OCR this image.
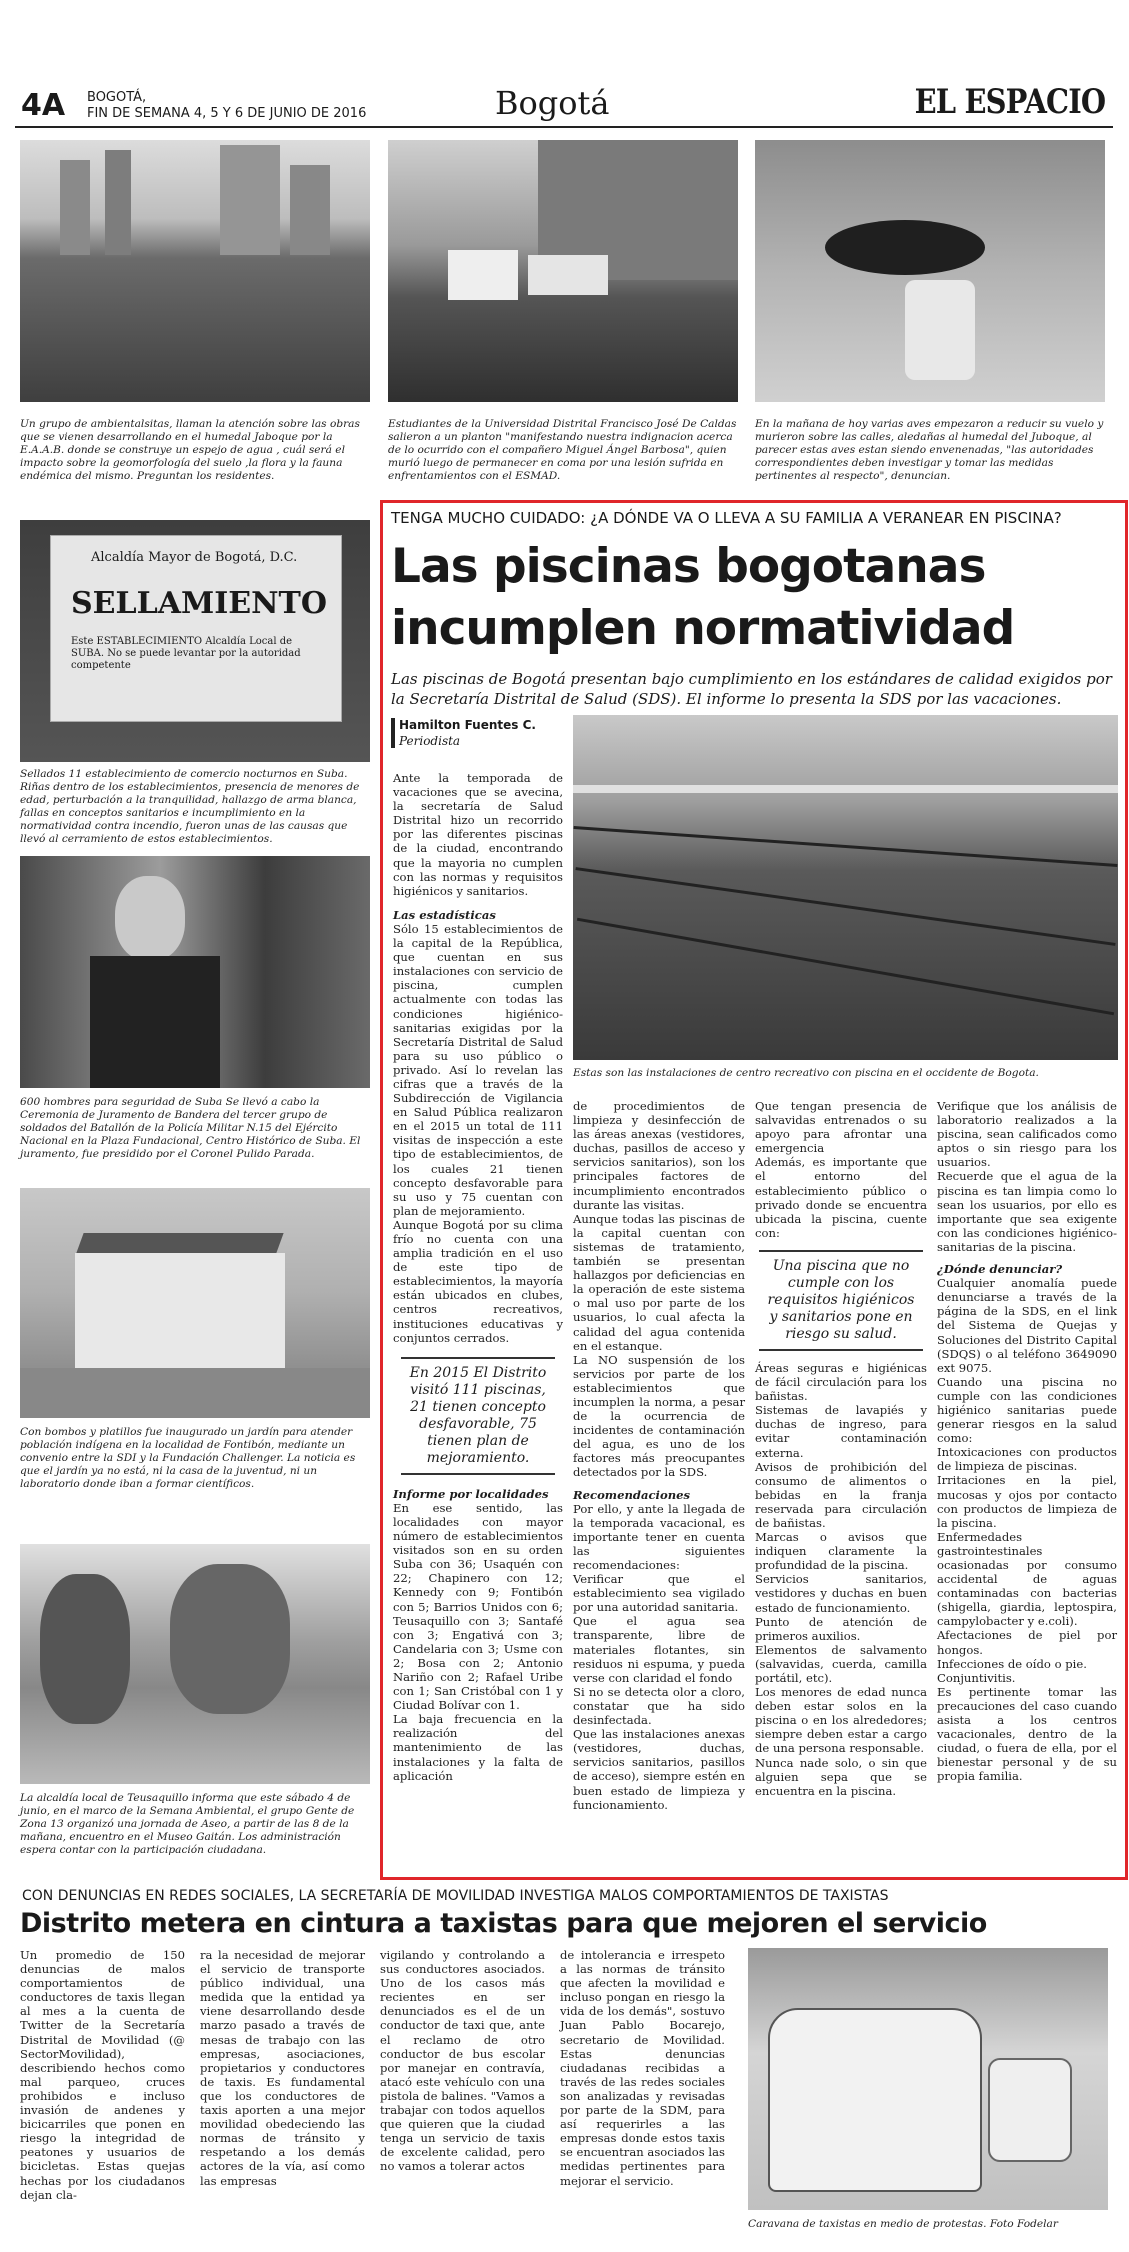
4A BOGOTÁ,
FIN DE SEMANA 4, 5 Y 6 DE JUNIO DE 2016	Bogotá	EL ESPACIO

Un grupo de ambientalsitas, llaman la atención sobre las obras que se vienen desarrollando en el humedal Jaboque por la E.A.A.B. donde se construye un espejo de agua , cuál será el impacto sobre la geomorfología del suelo ,la flora y la fauna endémica del mismo. Preguntan los residentes.

Estudiantes de la Universidad Distrital Francisco José De Caldas salieron a un planton "manifestando nuestra indignacion acerca de lo ocurrido con el compañero Miguel Ángel Barbosa", quien murió luego de permanecer en coma por una lesión sufrida en enfrentamientos con el ESMAD.

En la mañana de hoy varias aves empezaron a reducir su vuelo y murieron sobre las calles, aledañas al humedal del Juboque, al parecer estas aves estan siendo envenenadas, "las autoridades correspondientes deben investigar y tomar las medidas pertinentes al respecto", denuncian.

Alcaldía Mayor de Bogotá, D.C.
SELLAMIENTO
Este ESTABLECIMIENTO Alcaldía Local de SUBA. No se puede levantar por la autoridad competente

Sellados 11 establecimiento de comercio nocturnos en Suba. Riñas dentro de los establecimientos, presencia de menores de edad, perturbación a la tranquilidad, hallazgo de arma blanca, fallas en conceptos sanitarios e incumplimiento en la normatividad contra incendio, fueron unas de las causas que llevó al cerramiento de estos establecimientos.

600 hombres para seguridad de Suba Se llevó a cabo la Ceremonia de Juramento de Bandera del tercer grupo de soldados del Batallón de la Policía Militar N.15 del Ejército Nacional en la Plaza Fundacional, Centro Histórico de Suba. El juramento, fue presidido por el Coronel Pulido Parada.

Con bombos y platillos fue inaugurado un jardín para atender población indígena en la localidad de Fontibón, mediante un convenio entre la SDI y la Fundación Challenger. La noticia es que el jardín ya no está, ni la casa de la juventud, ni un laboratorio donde iban a formar científicos.

La alcaldía local de Teusaquillo informa que este sábado 4 de junio, en el marco de la Semana Ambiental, el grupo Gente de Zona 13 organizó una jornada de Aseo, a partir de las 8 de la mañana, encuentro en el Museo Gaitán. Los administración espera contar con la participación ciudadana.

TENGA MUCHO CUIDADO: ¿A DÓNDE VA O LLEVA A SU FAMILIA A VERANEAR EN PISCINA?
Las piscinas bogotanas
incumplen normatividad
Las piscinas de Bogotá presentan bajo cumplimiento en los estándares de calidad exigidos por la Secretaría Distrital de Salud (SDS). El informe lo presenta la SDS por las vacaciones.
Hamilton Fuentes C.
Periodista

Estas son las instalaciones de centro recreativo con piscina en el occidente de Bogota.

Ante la temporada de vacaciones que se avecina, la secretaría de Salud Distrital hizo un recorrido por las diferentes piscinas de la ciudad, encontrando que la mayoria no cumplen con las normas y requisitos higiénicos y sanitarios.

Las estadísticas

Sólo 15 establecimientos de la capital de la República, que cuentan en sus instalaciones con servicio de piscina, cumplen actualmente con todas las condiciones higiénico-sanitarias exigidas por la Secretaría Distrital de Salud para su uso público o privado. Así lo revelan las cifras que a través de la Subdirección de Vigilancia en Salud Pública realizaron en el 2015 un total de 111 visitas de inspección a este tipo de establecimientos, de los cuales 21 tienen concepto desfavorable para su uso y 75 cuentan con plan de mejoramiento.

Aunque Bogotá por su clima frío no cuenta con una amplia tradición en el uso de este tipo de establecimientos, la mayoría están ubicados en clubes, centros recreativos, instituciones educativas y conjuntos cerrados.

En 2015 El Distrito visitó 111 piscinas, 21 tienen concepto desfavorable, 75 tienen plan de mejoramiento.

Informe por localidades

En ese sentido, las localidades con mayor número de establecimientos visitados son en su orden Suba con 36; Usaquén con 22; Chapinero con 12; Kennedy con 9; Fontibón con 5; Barrios Unidos con 6; Teusaquillo con 3; Santafé con 3; Engativá con 3; Candelaria con 3; Usme con 2; Bosa con 2; Antonio Nariño con 2; Rafael Uribe con 1; San Cristóbal con 1 y Ciudad Bolívar con 1.

La baja frecuencia en la realización del mantenimiento de las instalaciones y la falta de aplicación

de procedimientos de limpieza y desinfección de las áreas anexas (vestidores, duchas, pasillos de acceso y servicios sanitarios), son los principales factores de incumplimiento encontrados durante las visitas.

Aunque todas las piscinas de la capital cuentan con sistemas de tratamiento, también se presentan hallazgos por deficiencias en la operación de este sistema o mal uso por parte de los usuarios, lo cual afecta la calidad del agua contenida en el estanque.

La NO suspensión de los servicios por parte de los establecimientos que incumplen la norma, a pesar de la ocurrencia de incidentes de contaminación del agua, es uno de los factores más preocupantes detectados por la SDS.

Recomendaciones

Por ello, y ante la llegada de la temporada vacacional, es importante tener en cuenta las siguientes recomendaciones:

Verificar que el establecimiento sea vigilado por una autoridad sanitaria.

Que el agua sea transparente, libre de materiales flotantes, sin residuos ni espuma, y pueda verse con claridad el fondo

Si no se detecta olor a cloro, constatar que ha sido desinfectada.

Que las instalaciones anexas (vestidores, duchas, servicios sanitarios, pasillos de acceso), siempre estén en buen estado de limpieza y funcionamiento.

Que tengan presencia de salvavidas entrenados o su apoyo para afrontar una emergencia

Además, es importante que el entorno del establecimiento público o privado donde se encuentra ubicada la piscina, cuente con:

Una piscina que no cumple con los requisitos higiénicos y sanitarios pone en riesgo su salud.

Áreas seguras e higiénicas de fácil circulación para los bañistas.

Sistemas de lavapiés y duchas de ingreso, para evitar contaminación externa.

Avisos de prohibición del consumo de alimentos o bebidas en la franja reservada para circulación de bañistas.

Marcas o avisos que indiquen claramente la profundidad de la piscina.

Servicios sanitarios, vestidores y duchas en buen estado de funcionamiento.

Punto de atención de primeros auxilios.

Elementos de salvamento (salvavidas, cuerda, camilla portátil, etc).

Los menores de edad nunca deben estar solos en la piscina o en los alrededores; siempre deben estar a cargo de una persona responsable.

Nunca nade solo, o sin que alguien sepa que se encuentra en la piscina.

Verifique que los análisis de laboratorio realizados a la piscina, sean calificados como aptos o sin riesgo para los usuarios.

Recuerde que el agua de la piscina es tan limpia como lo sean los usuarios, por ello es importante que sea exigente con las condiciones higiénico-sanitarias de la piscina.

¿Dónde denunciar?

Cualquier anomalía puede denunciarse a través de la página de la SDS, en el link del Sistema de Quejas y Soluciones del Distrito Capital (SDQS) o al teléfono 3649090 ext 9075.

Cuando una piscina no cumple con las condiciones higiénico sanitarias puede generar riesgos en la salud como:

Intoxicaciones con productos de limpieza de piscinas.

Irritaciones en la piel, mucosas y ojos por contacto con productos de limpieza de la piscina.

Enfermedades gastrointestinales ocasionadas por consumo accidental de aguas contaminadas con bacterias (shigella, giardia, leptospira, campylobacter y e.coli).

Afectaciones de piel por hongos.

Infecciones de oído o pie.

Conjuntivitis.

Es pertinente tomar las precauciones del caso cuando asista a los centros vacacionales, dentro de la ciudad, o fuera de ella, por el bienestar personal y de su propia familia.

CON DENUNCIAS EN REDES SOCIALES, LA SECRETARÍA DE MOVILIDAD INVESTIGA MALOS COMPORTAMIENTOS DE TAXISTAS
Distrito metera en cintura a taxistas para que mejoren el servicio
Un promedio de 150 denuncias de malos comportamientos de conductores de taxis llegan al mes a la cuenta de Twitter de la Secretaría Distrital de Movilidad (@ SectorMovilidad), describiendo hechos como mal parqueo, cruces prohibidos e incluso invasión de andenes y bicicarriles que ponen en riesgo la integridad de peatones y usuarios de bicicletas. Estas quejas hechas por los ciudadanos dejan cla-
ra la necesidad de mejorar el servicio de transporte público individual, una medida que la entidad ya viene desarrollando desde marzo pasado a través de mesas de trabajo con las empresas, asociaciones, propietarios y conductores de taxis. Es fundamental que los conductores de taxis aporten a una mejor movilidad obedeciendo las normas de tránsito y respetando a los demás actores de la vía, así como las empresas
vigilando y controlando a sus conductores asociados. Uno de los casos más recientes en ser denunciados es el de un conductor de taxi que, ante el reclamo de otro conductor de bus escolar por manejar en contravía, atacó este vehículo con una pistola de balines. "Vamos a trabajar con todos aquellos que quieren que la ciudad tenga un servicio de taxis de excelente calidad, pero no vamos a tolerar actos
de intolerancia e irrespeto a las normas de tránsito que afecten la movilidad e incluso pongan en riesgo la vida de los demás", sostuvo Juan Pablo Bocarejo, secretario de Movilidad. Estas denuncias ciudadanas recibidas a través de las redes sociales son analizadas y revisadas por parte de la SDM, para así requerirles a las empresas donde estos taxis se encuentran asociados las medidas pertinentes para mejorar el servicio.

Caravana de taxistas en medio de protestas. Foto Fodelar
